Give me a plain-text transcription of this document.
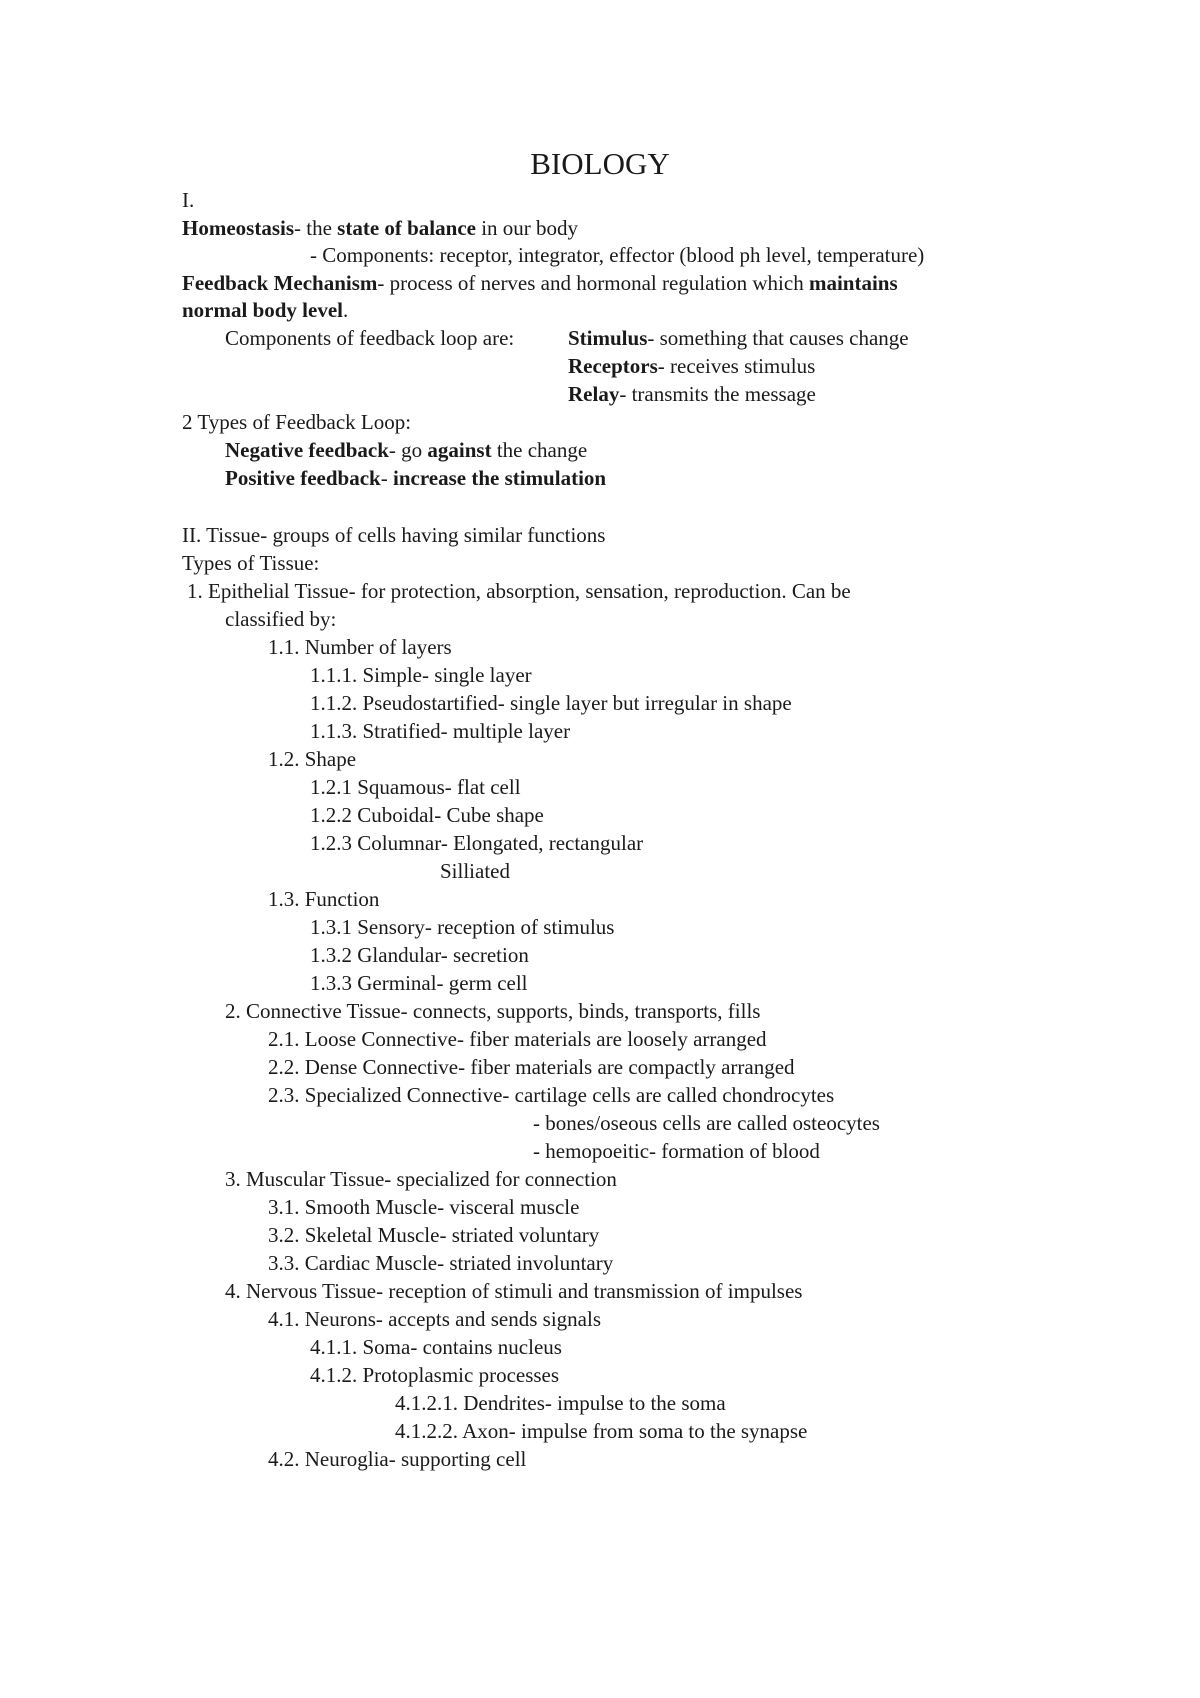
BIOLOGY
I.
Homeostasis- the state of balance in our body
- Components: receptor, integrator, effector (blood ph level, temperature)
Feedback Mechanism- process of nerves and hormonal regulation which maintains
normal body level.
Components of feedback loop are: Stimulus- something that causes change
Receptors- receives stimulus
Relay- transmits the message
2 Types of Feedback Loop:
Negative feedback- go against the change
Positive feedback- increase the stimulation
II. Tissue- groups of cells having similar functions
Types of Tissue:
1. Epithelial Tissue- for protection, absorption, sensation, reproduction. Can be
classified by:
1.1. Number of layers
1.1.1. Simple- single layer
1.1.2. Pseudostartified- single layer but irregular in shape
1.1.3. Stratified- multiple layer
1.2. Shape
1.2.1 Squamous- flat cell
1.2.2 Cuboidal- Cube shape
1.2.3 Columnar- Elongated, rectangular
Silliated
1.3. Function
1.3.1 Sensory- reception of stimulus
1.3.2 Glandular- secretion
1.3.3 Germinal- germ cell
2. Connective Tissue- connects, supports, binds, transports, fills
2.1. Loose Connective- fiber materials are loosely arranged
2.2. Dense Connective- fiber materials are compactly arranged
2.3. Specialized Connective- cartilage cells are called chondrocytes
- bones/oseous cells are called osteocytes
- hemopoeitic- formation of blood
3. Muscular Tissue- specialized for connection
3.1. Smooth Muscle- visceral muscle
3.2. Skeletal Muscle- striated voluntary
3.3. Cardiac Muscle- striated involuntary
4. Nervous Tissue- reception of stimuli and transmission of impulses
4.1. Neurons- accepts and sends signals
4.1.1. Soma- contains nucleus
4.1.2. Protoplasmic processes
4.1.2.1. Dendrites- impulse to the soma
4.1.2.2. Axon- impulse from soma to the synapse
4.2. Neuroglia- supporting cell
